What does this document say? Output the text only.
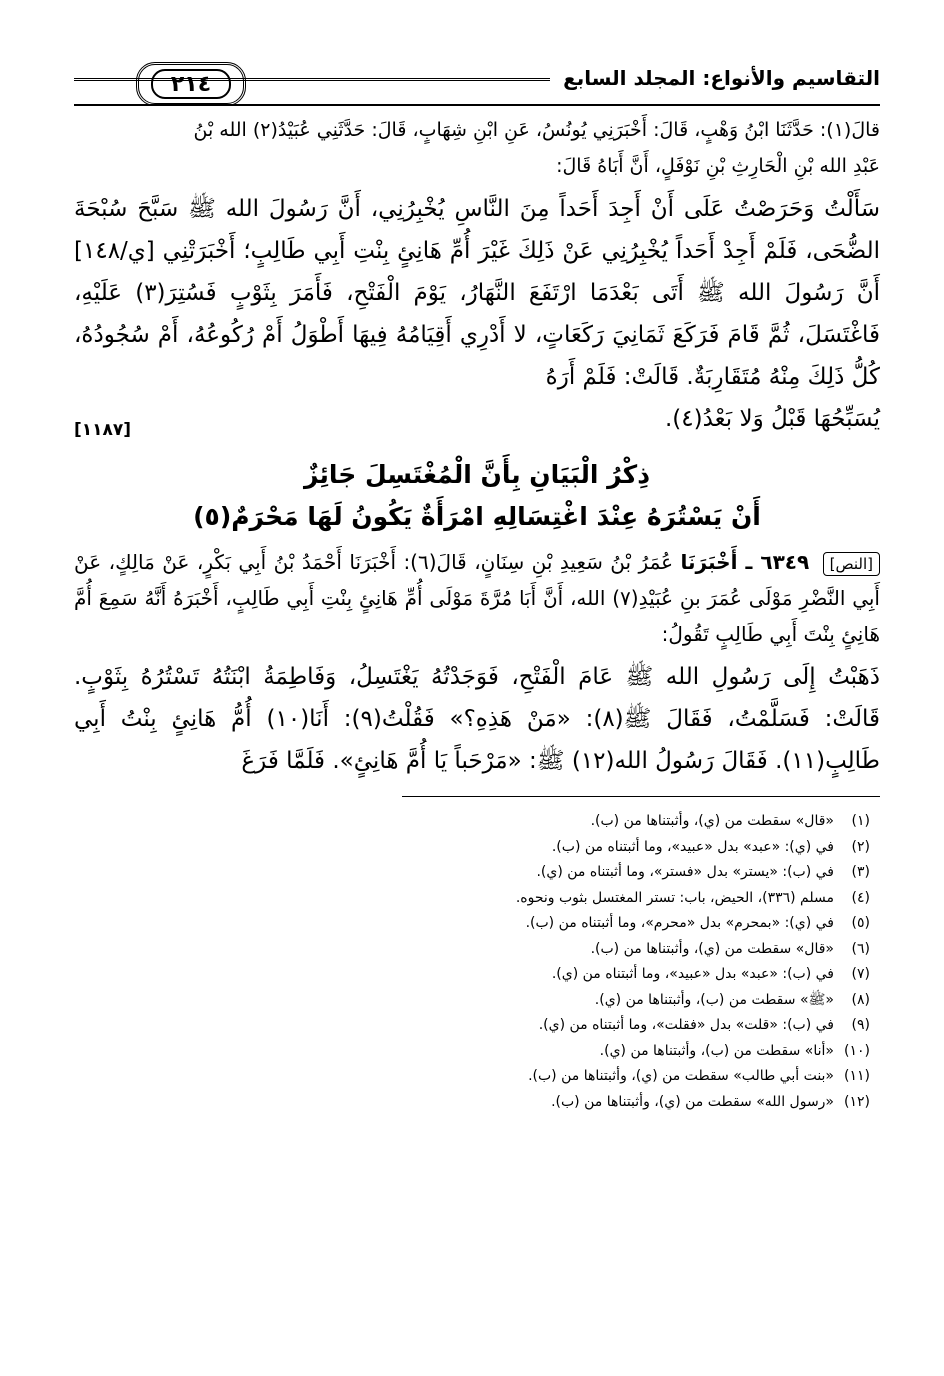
التقاسيم والأنواع: المجلد السابع
٢١٤

قالَ(١): حَدَّثَنَا ابْنُ وَهْبٍ، قَالَ: أَخْبَرَنِي يُونُسُ، عَنِ ابْنِ شِهَابٍ، قَالَ: حَدَّثَنِي عُبَيْدُ(٢) الله بْنُ

عَبْدِ الله بْنِ الْحَارِثِ بْنِ نَوْفَلٍ، أَنَّ أَبَاهُ قَالَ:

سَأَلْتُ وَحَرَصْتُ عَلَى أَنْ أَجِدَ أَحَداً مِنَ النَّاسِ يُخْبِرُنِي، أَنَّ رَسُولَ الله ﷺ سَبَّحَ سُبْحَةَ الضُّحَى، فَلَمْ أَجِدْ أَحَداً يُخْبِرُنِي عَنْ ذَلِكَ غَيْرَ أُمِّ هَانِئٍ بِنْتِ أَبِي طَالِبٍ؛ أَخْبَرَتْنِي [ي/١٤٨] أَنَّ رَسُولَ الله ﷺ أَتَى بَعْدَمَا ارْتَفَعَ النَّهَارُ، يَوْمَ الْفَتْحِ، فَأَمَرَ بِثَوْبٍ فَسُتِرَ(٣) عَلَيْهِ، فَاغْتَسَلَ، ثُمَّ قَامَ فَرَكَعَ ثَمَانِيَ رَكَعَاتٍ، لا أَدْرِي أَقِيَامُهُ فِيهَا أَطْوَلُ أَمْ رُكُوعُهُ، أَمْ سُجُودُهُ، كُلُّ ذَلِكَ مِنْهُ مُتَقَارِبَةٌ. قَالَتْ: فَلَمْ أَرَهُ

يُسَبِّحُهَا قَبْلُ وَلا بَعْدُ(٤).
[١١٨٧]
ذِكْرُ الْبَيَانِ بِأَنَّ الْمُغْتَسِلَ جَائِزٌ
أَنْ يَسْتُرَهُ عِنْدَ اغْتِسَالِهِ امْرَأَةٌ يَكُونُ لَهَا مَحْرَمٌ(٥)

[النص] ٦٣٤٩ ـ أَخْبَرَنَا عُمَرُ بْنُ سَعِيدِ بْنِ سِنَانٍ، قَالَ(٦): أَخْبَرَنَا أَحْمَدُ بْنُ أَبِي بَكْرٍ، عَنْ مَالِكٍ، عَنْ أَبِي النَّضْرِ مَوْلَى عُمَرَ بنِ عُبَيْدِ(٧) الله، أَنَّ أَبَا مُرَّةَ مَوْلَى أُمِّ هَانِئٍ بِنْتِ أَبِي طَالِبٍ، أَخْبَرَهُ أَنَّهُ سَمِعَ أُمَّ هَانِئٍ بِنْتَ أَبِي طَالِبٍ تَقُولُ:

ذَهَبْتُ إِلَى رَسُولِ الله ﷺ عَامَ الْفَتْحِ، فَوَجَدْتُهُ يَغْتَسِلُ، وَفَاطِمَةُ ابْنَتُهُ تَسْتُرُهُ بِثَوْبٍ. قَالَتْ: فَسَلَّمْتُ، فَقَالَ ﷺ(٨): «مَنْ هَذِهِ؟» فَقُلْتُ(٩): أَنَا(١٠) أُمُّ هَانِئٍ بِنْتُ أَبِي طَالِبٍ(١١). فَقَالَ رَسُولُ الله(١٢) ﷺ: «مَرْحَباً يَا أُمَّ هَانِئٍ». فَلَمَّا فَرَغَ

(١)«قال» سقطت من (ي)، وأثبتناها من (ب).
(٢)في (ي): «عبد» بدل «عبيد»، وما أثبتناه من (ب).
(٣)في (ب): «يستر» بدل «فستر»، وما أثبتناه من (ي).
(٤)مسلم (٣٣٦)، الحيض، باب: تستر المغتسل بثوب ونحوه.
(٥)في (ي): «بمحرم» بدل «محرم»، وما أثبتناه من (ب).
(٦)«قال» سقطت من (ي)، وأثبتناها من (ب).
(٧)في (ب): «عبد» بدل «عبيد»، وما أثبتناه من (ي).
(٨)«ﷺ» سقطت من (ب)، وأثبتناها من (ي).
(٩)في (ب): «قلت» بدل «فقلت»، وما أثبتناه من (ي).
(١٠)«أنا» سقطت من (ب)، وأثبتناها من (ي).
(١١)«بنت أبي طالب» سقطت من (ي)، وأثبتناها من (ب).
(١٢)«رسول الله» سقطت من (ي)، وأثبتناها من (ب).
